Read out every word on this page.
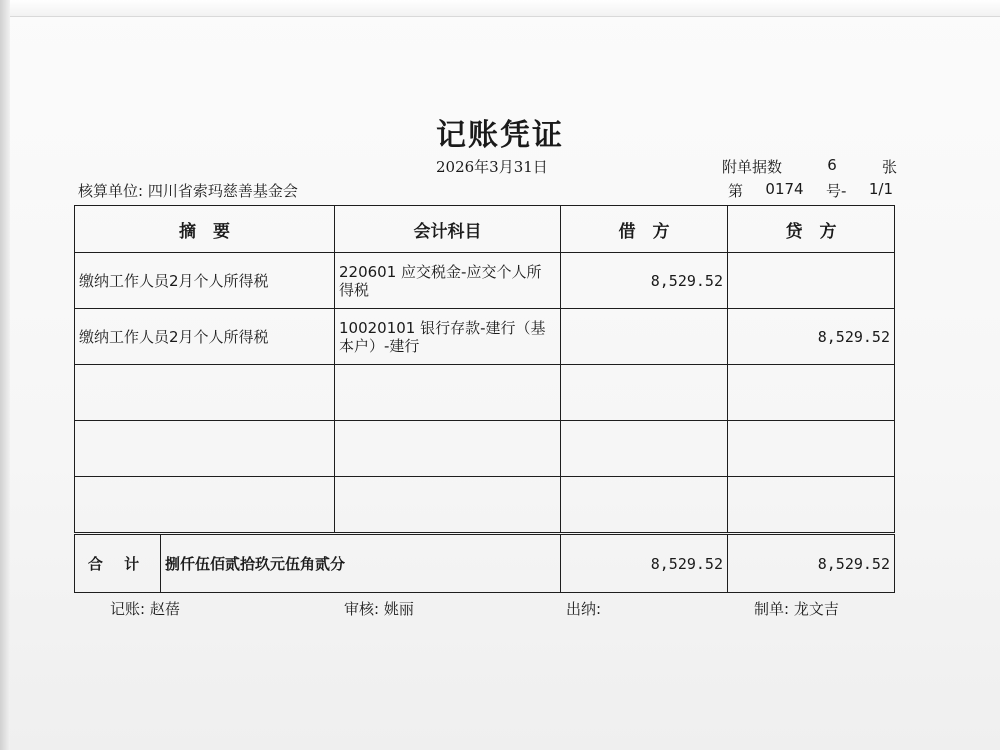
记账凭证
2026年3月31日	附单据数	6	张
核算单位: 四川省索玛慈善基金会	第 0174 号- 1/1
摘　要		会计科目	借　方	贷　方
缴纳工作人员2月个人所得税		220601 应交税金-应交个人所得税	8,529.52	
缴纳工作人员2月个人所得税		10020101 银行存款-建行（基本户）-建行		8,529.52

合 计	捌仟伍佰贰拾玖元伍角贰分		8,529.52	8,529.52
记账: 赵蓓	审核: 姚丽	出纳:	制单: 龙文吉
